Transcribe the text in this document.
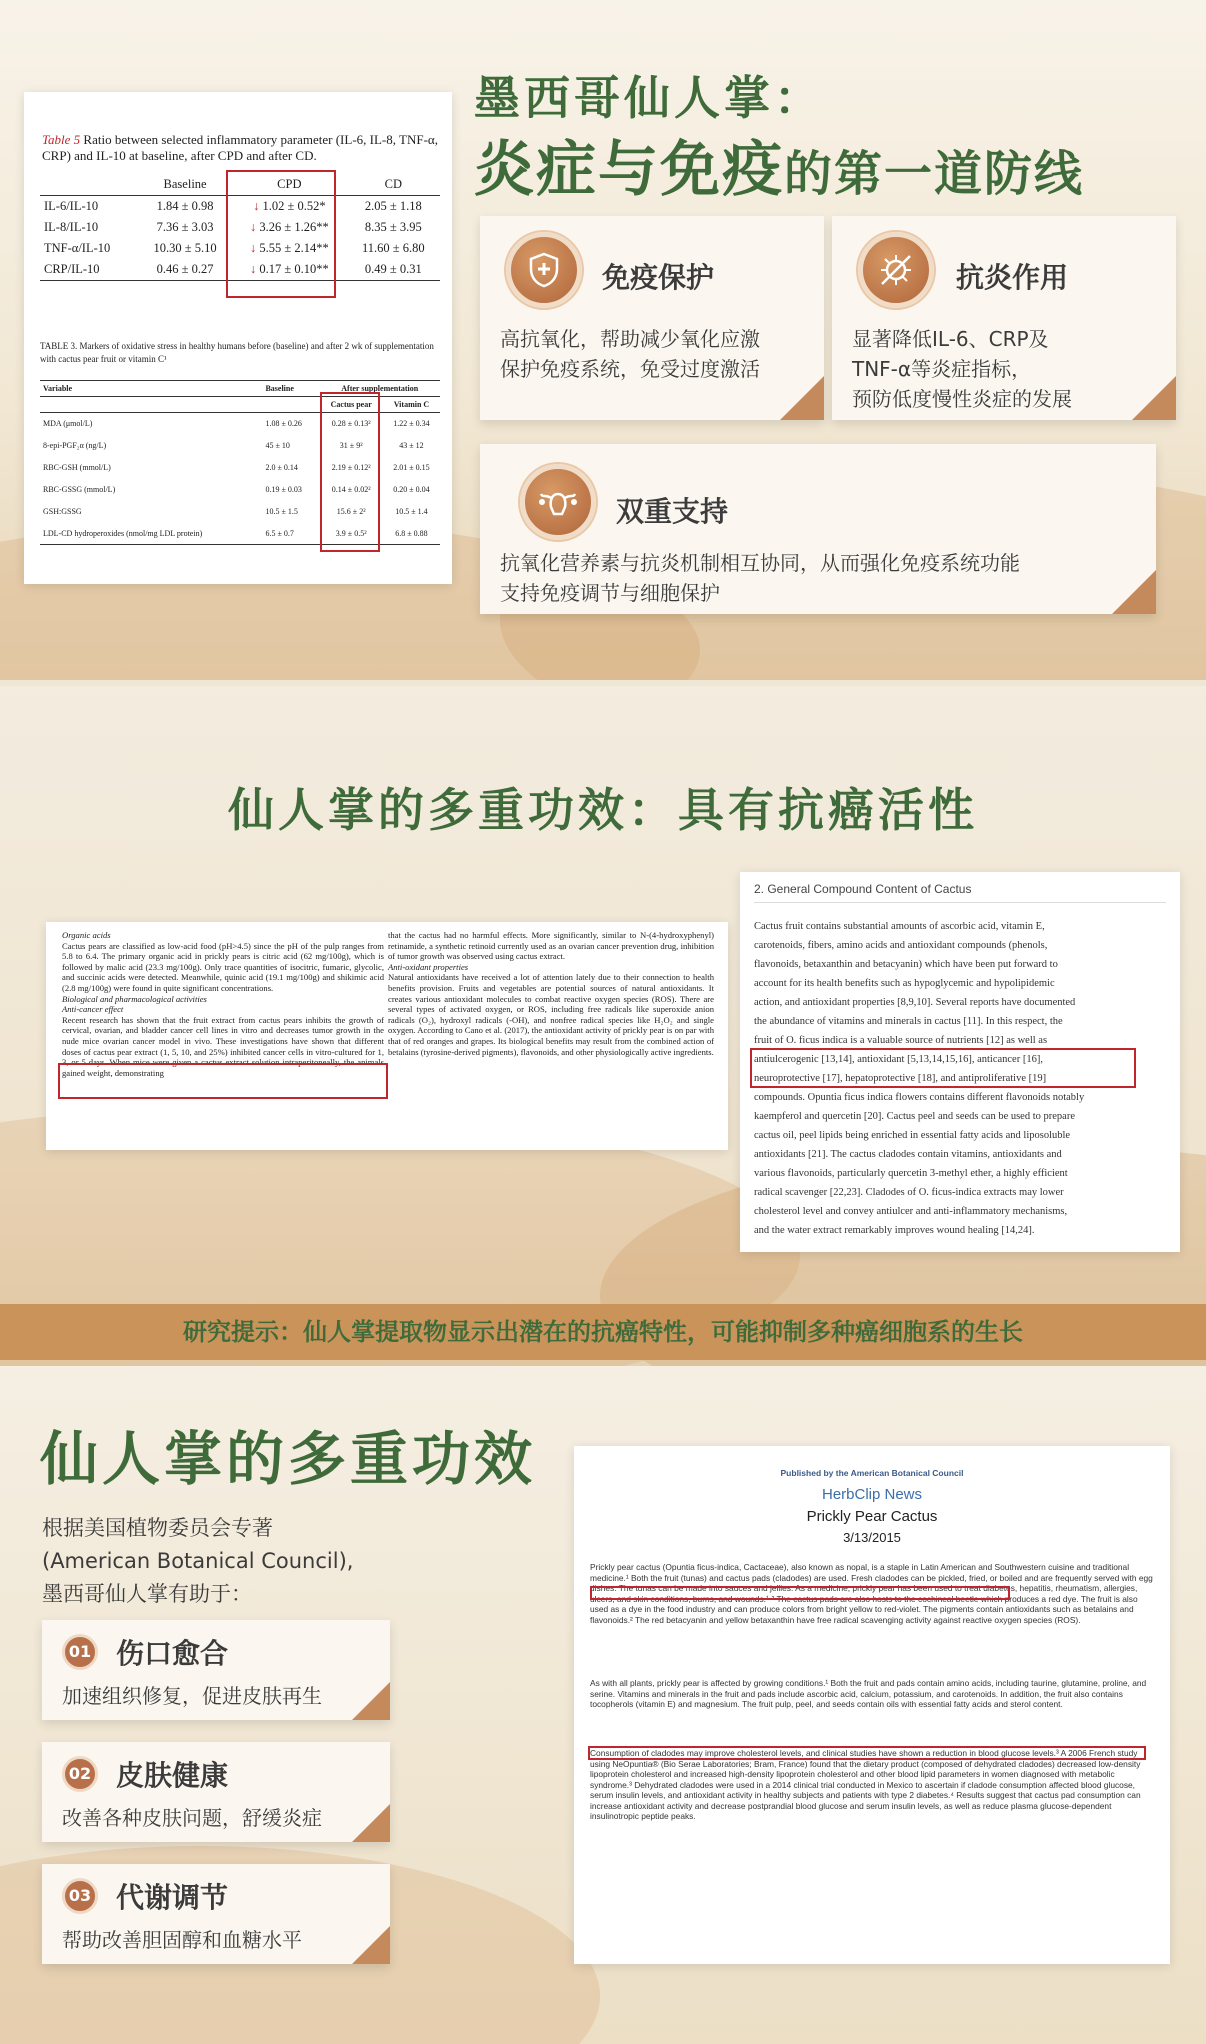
Table 5 Ratio between selected inflammatory parameter (IL-6, IL-8, TNF-α, CRP) and IL-10 at baseline, after CPD and after CD.
	Baseline	CPD	CD
IL-6/IL-10	1.84 ± 0.98	↓ 1.02 ± 0.52*	2.05 ± 1.18
IL-8/IL-10	7.36 ± 3.03	↓ 3.26 ± 1.26**	8.35 ± 3.95
TNF-α/IL-10	10.30 ± 5.10	↓ 5.55 ± 2.14**	11.60 ± 6.80
CRP/IL-10	0.46 ± 0.27	↓ 0.17 ± 0.10**	0.49 ± 0.31
TABLE 3. Markers of oxidative stress in healthy humans before (baseline) and after 2 wk of supplementation with cactus pear fruit or vitamin C¹
Variable	Baseline	After supplementation	
		Cactus pear	Vitamin C
MDA (μmol/L)	1.08 ± 0.26	0.28 ± 0.13²	1.22 ± 0.34
8-epi-PGF₂α (ng/L)	45 ± 10	31 ± 9²	43 ± 12
RBC-GSH (mmol/L)	2.0 ± 0.14	2.19 ± 0.12²	2.01 ± 0.15
RBC-GSSG (mmol/L)	0.19 ± 0.03	0.14 ± 0.02²	0.20 ± 0.04
GSH:GSSG	10.5 ± 1.5	15.6 ± 2²	10.5 ± 1.4
LDL-CD hydroperoxides (nmol/mg LDL protein)	6.5 ± 0.7	3.9 ± 0.5²	6.8 ± 0.88
墨西哥仙人掌：
炎症与免疫的第一道防线
免疫保护
高抗氧化，帮助减少氧化应激
保护免疫系统，免受过度激活
抗炎作用
显著降低IL-6、CRP及
TNF-α等炎症指标，
预防低度慢性炎症的发展
双重支持
抗氧化营养素与抗炎机制相互协同，从而强化免疫系统功能
支持免疫调节与细胞保护
仙人掌的多重功效：具有抗癌活性
Organic acids
Cactus pears are classified as low-acid food (pH>4.5) since the pH of the pulp ranges from 5.8 to 6.4. The primary organic acid in prickly pears is citric acid (62 mg/100g), which is followed by malic acid (23.3 mg/100g). Only trace quantities of isocitric, fumaric, glycolic, and succinic acids were detected. Meanwhile, quinic acid (19.1 mg/100g) and shikimic acid (2.8 mg/100g) were found in quite significant concentrations.
Biological and pharmacological activities
Anti-cancer effect
Recent research has shown that the fruit extract from cactus pears inhibits the growth of cervical, ovarian, and bladder cancer cell lines in vitro and decreases tumor growth in the nude mice ovarian cancer model in vivo. These investigations have shown that different doses of cactus pear extract (1, 5, 10, and 25%) inhibited cancer cells in vitro-cultured for 1, 3, or 5 days. When mice were given a cactus extract solution intraperitoneally, the animals gained weight, demonstrating
that the cactus had no harmful effects. More significantly, similar to N-(4-hydroxyphenyl) retinamide, a synthetic retinoid currently used as an ovarian cancer prevention drug, inhibition of tumor growth was observed using cactus extract.
Anti-oxidant properties
Natural antioxidants have received a lot of attention lately due to their connection to health benefits provision. Fruits and vegetables are potential sources of natural antioxidants. It creates various antioxidant molecules to combat reactive oxygen species (ROS). There are several types of activated oxygen, or ROS, including free radicals like superoxide anion radicals (O₂), hydroxyl radicals (-OH), and nonfree radical species like H₂O₂ and single oxygen. According to Cano et al. (2017), the antioxidant activity of prickly pear is on par with that of red oranges and grapes. Its biological benefits may result from the combined action of betalains (tyrosine-derived pigments), flavonoids, and other physiologically active ingredients.
2. General Compound Content of Cactus
Cactus fruit contains substantial amounts of ascorbic acid, vitamin E,
carotenoids, fibers, amino acids and antioxidant compounds (phenols,
flavonoids, betaxanthin and betacyanin) which have been put forward to
account for its health benefits such as hypoglycemic and hypolipidemic
action, and antioxidant properties [8,9,10]. Several reports have documented
the abundance of vitamins and minerals in cactus [11]. In this respect, the
fruit of O. ficus indica is a valuable source of nutrients [12] as well as
antiulcerogenic [13,14], antioxidant [5,13,14,15,16], anticancer [16],
neuroprotective [17], hepatoprotective [18], and antiproliferative [19]
compounds. Opuntia ficus indica flowers contains different flavonoids notably
kaempferol and quercetin [20]. Cactus peel and seeds can be used to prepare
cactus oil, peel lipids being enriched in essential fatty acids and liposoluble
antioxidants [21]. The cactus cladodes contain vitamins, antioxidants and
various flavonoids, particularly quercetin 3-methyl ether, a highly efficient
radical scavenger [22,23]. Cladodes of O. ficus-indica extracts may lower
cholesterol level and convey antiulcer and anti-inflammatory mechanisms,
and the water extract remarkably improves wound healing [14,24].
研究提示：仙人掌提取物显示出潜在的抗癌特性，可能抑制多种癌细胞系的生长
仙人掌的多重功效
根据美国植物委员会专著
(American Botanical Council),
墨西哥仙人掌有助于：
01 伤口愈合
加速组织修复，促进皮肤再生
02 皮肤健康
改善各种皮肤问题，舒缓炎症
03 代谢调节
帮助改善胆固醇和血糖水平
Published by the American Botanical Council
HerbClip News
Prickly Pear Cactus
3/13/2015
Prickly pear cactus (Opuntia ficus-indica, Cactaceae), also known as nopal, is a staple in Latin American and Southwestern cuisine and traditional medicine.¹ Both the fruit (tunas) and cactus pads (cladodes) are used. Fresh cladodes can be pickled, fried, or boiled and are frequently served with egg dishes. The tunas can be made into sauces and jellies. As a medicine, prickly pear has been used to treat diabetes, hepatitis, rheumatism, allergies, ulcers, and skin conditions, burns, and wounds.¹·² The cactus pads are also hosts to the cochineal beetle which produces a red dye. The fruit is also used as a dye in the food industry and can produce colors from bright yellow to red-violet. The pigments contain antioxidants such as betalains and flavonoids.² The red betacyanin and yellow betaxanthin have free radical scavenging activity against reactive oxygen species (ROS).
As with all plants, prickly pear is affected by growing conditions.¹ Both the fruit and pads contain amino acids, including taurine, glutamine, proline, and serine. Vitamins and minerals in the fruit and pads include ascorbic acid, calcium, potassium, and carotenoids. In addition, the fruit also contains tocopherols (vitamin E) and magnesium. The fruit pulp, peel, and seeds contain oils with essential fatty acids and sterol content.
Consumption of cladodes may improve cholesterol levels, and clinical studies have shown a reduction in blood glucose levels.³ A 2006 French study using NeOpuntia® (Bio Serae Laboratories; Bram, France) found that the dietary product (composed of dehydrated cladodes) decreased low-density lipoprotein cholesterol and increased high-density lipoprotein cholesterol and other blood lipid parameters in women diagnosed with metabolic syndrome.³ Dehydrated cladodes were used in a 2014 clinical trial conducted in Mexico to ascertain if cladode consumption affected blood glucose, serum insulin levels, and antioxidant activity in healthy subjects and patients with type 2 diabetes.⁴ Results suggest that cactus pad consumption can increase antioxidant activity and decrease postprandial blood glucose and serum insulin levels, as well as reduce plasma glucose-dependent insulinotropic peptide peaks.
